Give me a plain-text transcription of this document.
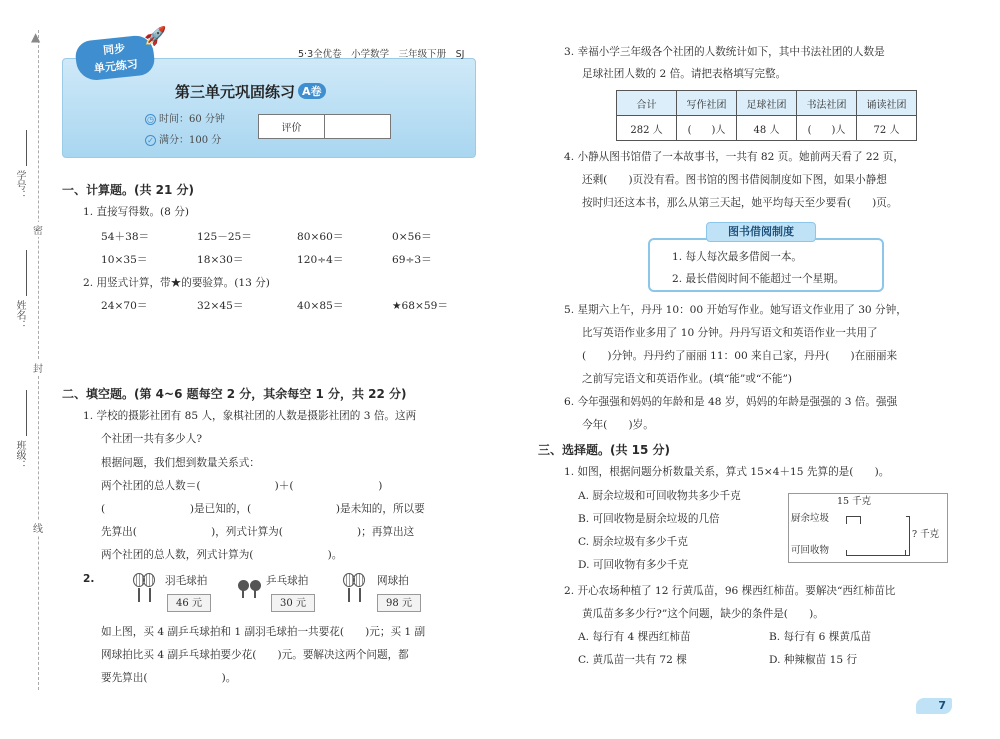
▲
学号：
姓名：
班级：
密
封
线
5·3全优卷　小学数学　三年级下册　SJ
同步
单元练习
🚀
第三单元巩固练习 A卷
◷ 时间：60 分钟
✓ 满分：100 分
评价	
一、计算题。(共 21 分)
1. 直接写得数。(8 分)
54＋38＝	125－25＝	80×60＝	0×56＝
10×35＝	18×30＝	120÷4＝	69÷3＝
2. 用竖式计算，带★的要验算。(13 分)
24×70＝	32×45＝	40×85＝	★68×59＝
二、填空题。(第 4~6 题每空 2 分，其余每空 1 分，共 22 分)
1. 学校的摄影社团有 85 人，象棋社团的人数是摄影社团的 3 倍。这两
个社团一共有多少人?
根据问题，我们想到数量关系式：
两个社团的总人数＝(　　　　　　　)＋(　　　　　　　　)
(　　　　　　　　)是已知的，(　　　　　　　　)是未知的，所以要
先算出(　　　　　　　)，列式计算为(　　　　　　　)；再算出这
两个社团的总人数，列式计算为(　　　　　　　)。
2.	羽毛球拍
46 元
乒乓球拍
30 元
网球拍
98 元
如上图，买 4 副乒乓球拍和 1 副羽毛球拍一共要花(　　)元；买 1 副
网球拍比买 4 副乒乓球拍要少花(　　)元。要解决这两个问题，都
要先算出(　　　　　　　)。
3. 幸福小学三年级各个社团的人数统计如下，其中书法社团的人数是
足球社团人数的 2 倍。请把表格填写完整。
合计	写作社团	足球社团	书法社团	诵读社团
282 人	(　　)人	48 人	(　　)人	72 人
4. 小静从图书馆借了一本故事书，一共有 82 页。她前两天看了 22 页，
还剩(　　)页没有看。图书馆的图书借阅制度如下图，如果小静想
按时归还这本书，那么从第三天起，她平均每天至少要看(　　)页。
图书借阅制度
1. 每人每次最多借阅一本。
2. 最长借阅时间不能超过一个星期。
5. 星期六上午，丹丹 10：00 开始写作业。她写语文作业用了 30 分钟，
比写英语作业多用了 10 分钟。丹丹写语文和英语作业一共用了
(　　)分钟。丹丹约了丽丽 11：00 来自己家，丹丹(　　)在丽丽来
之前写完语文和英语作业。(填“能”或“不能”)
6. 今年强强和妈妈的年龄和是 48 岁，妈妈的年龄是强强的 3 倍。强强
今年(　　)岁。
三、选择题。(共 15 分)
1. 如图，根据问题分析数量关系，算式 15×4＋15 先算的是(　　)。
A. 厨余垃圾和可回收物共多少千克
B. 可回收物是厨余垃圾的几倍
C. 厨余垃圾有多少千克
D. 可回收物有多少千克
15 千克
厨余垃圾
可回收物
? 千克
2. 开心农场种植了 12 行黄瓜苗，96 棵西红柿苗。要解决“西红柿苗比
黄瓜苗多多少行?”这个问题，缺少的条件是(　　)。
A. 每行有 4 棵西红柿苗	B. 每行有 6 棵黄瓜苗
C. 黄瓜苗一共有 72 棵	D. 种辣椒苗 15 行
7
